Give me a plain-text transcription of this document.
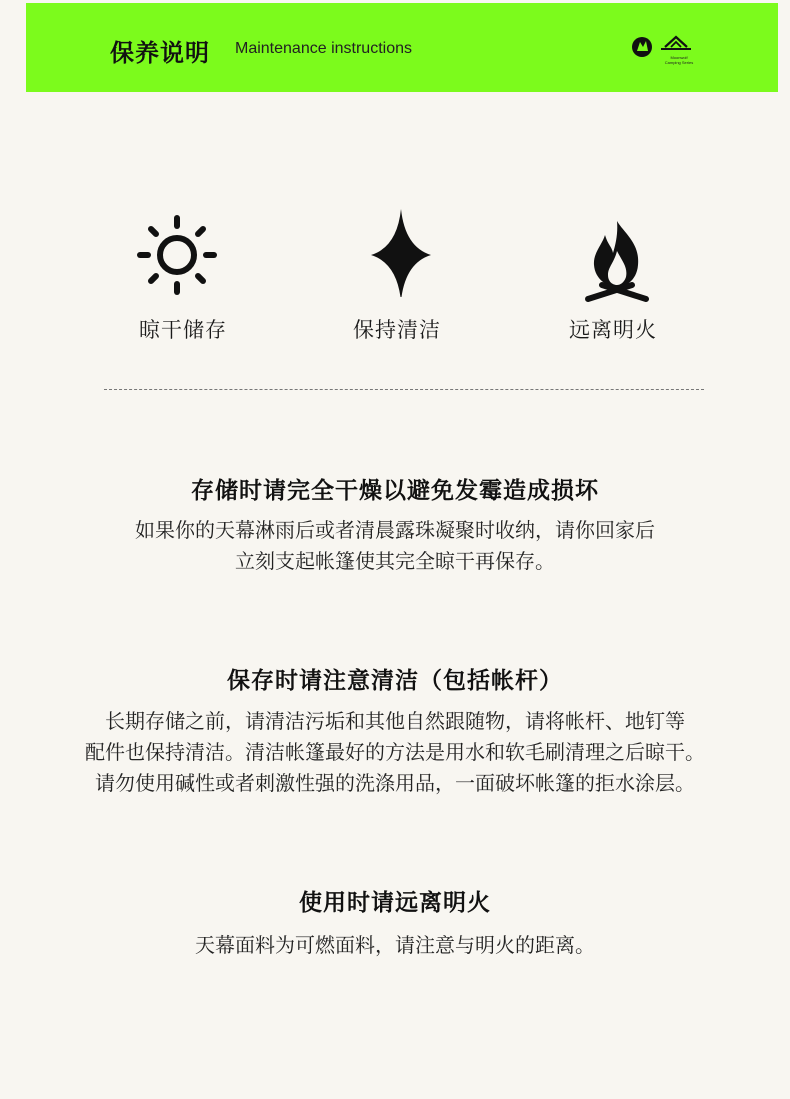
保养说明 Maintenance instructions
Moonwolf
Camping Series
晾干储存	保持清洁	远离明火
存储时请完全干燥以避免发霉造成损坏
如果你的天幕淋雨后或者清晨露珠凝聚时收纳，请你回家后
立刻支起帐篷使其完全晾干再保存。
保存时请注意清洁（包括帐杆）
长期存储之前，请清洁污垢和其他自然跟随物，请将帐杆、地钉等
配件也保持清洁。清洁帐篷最好的方法是用水和软毛刷清理之后晾干。
请勿使用碱性或者刺激性强的洗涤用品，一面破坏帐篷的拒水涂层。
使用时请远离明火
天幕面料为可燃面料，请注意与明火的距离。
